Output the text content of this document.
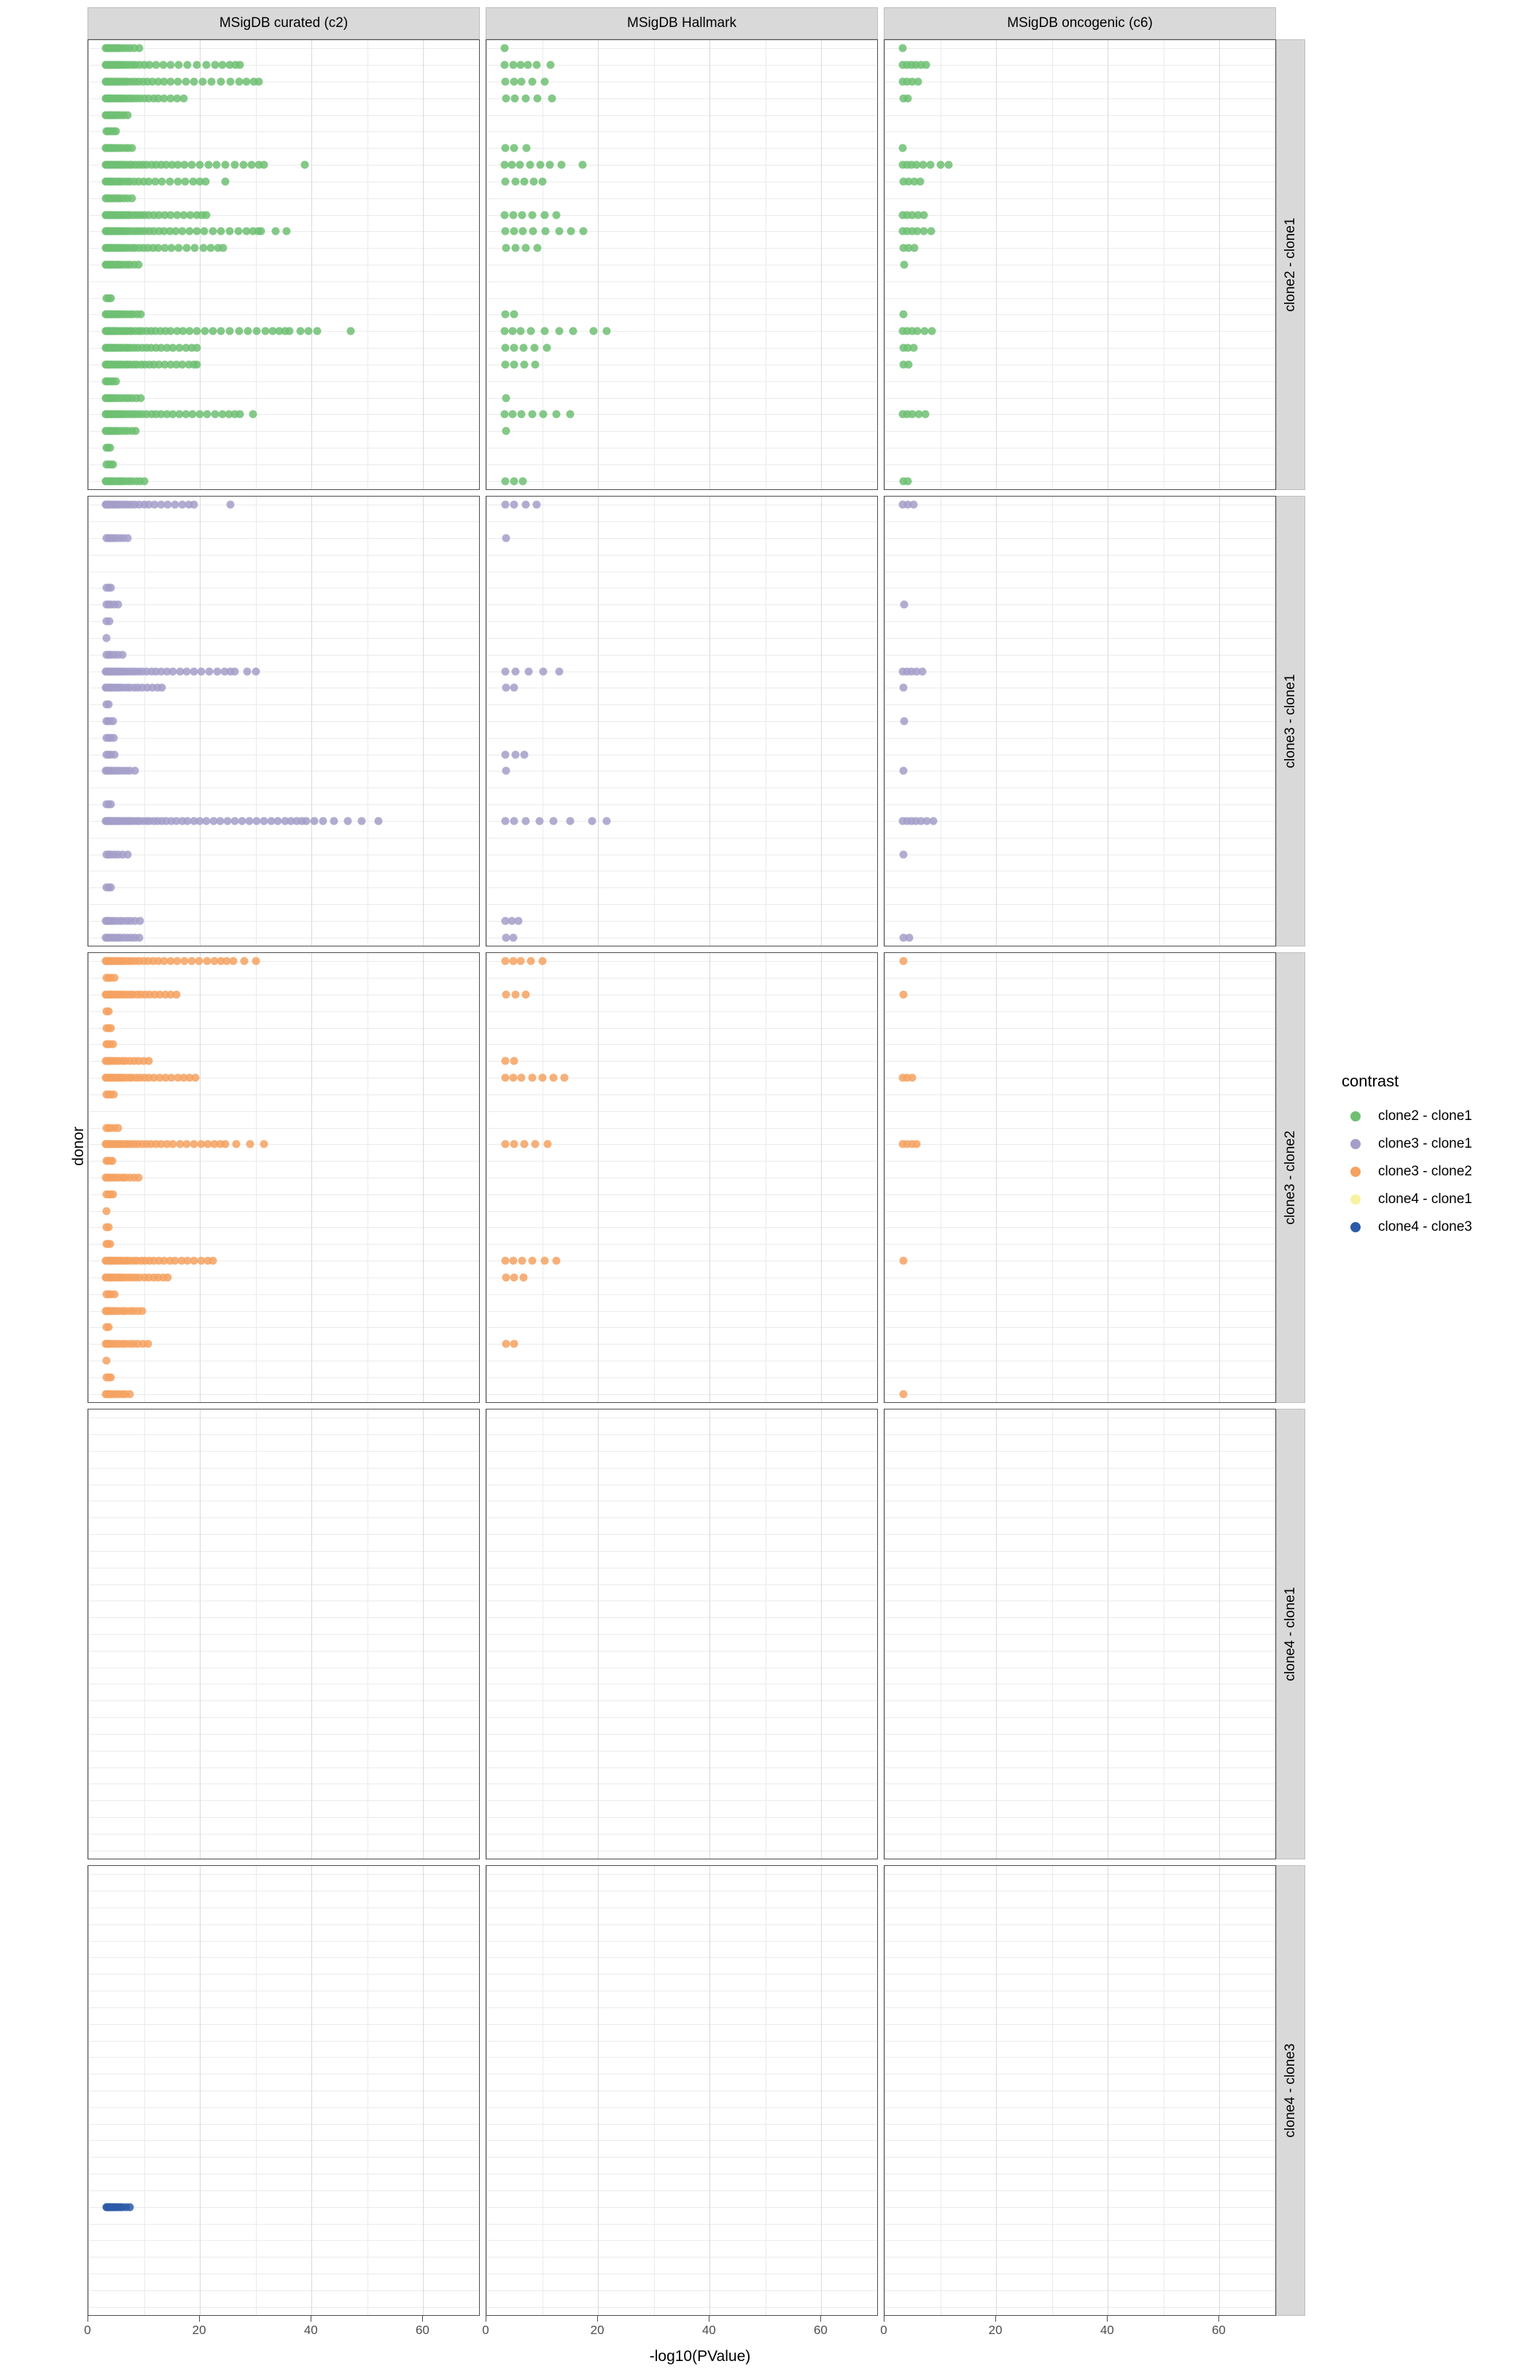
donor
-log10(PValue)
MSigDB curated (c2)	MSigDB Hallmark	MSigDB oncogenic (c6)
clone2 - clone1
clone3 - clone1
clone3 - clone2
clone4 - clone1
clone4 - clone3
0	20	40	60	0	20	40	60	0	20	40	60
contrast
clone2 - clone1
clone3 - clone1
clone3 - clone2
clone4 - clone1
clone4 - clone3
